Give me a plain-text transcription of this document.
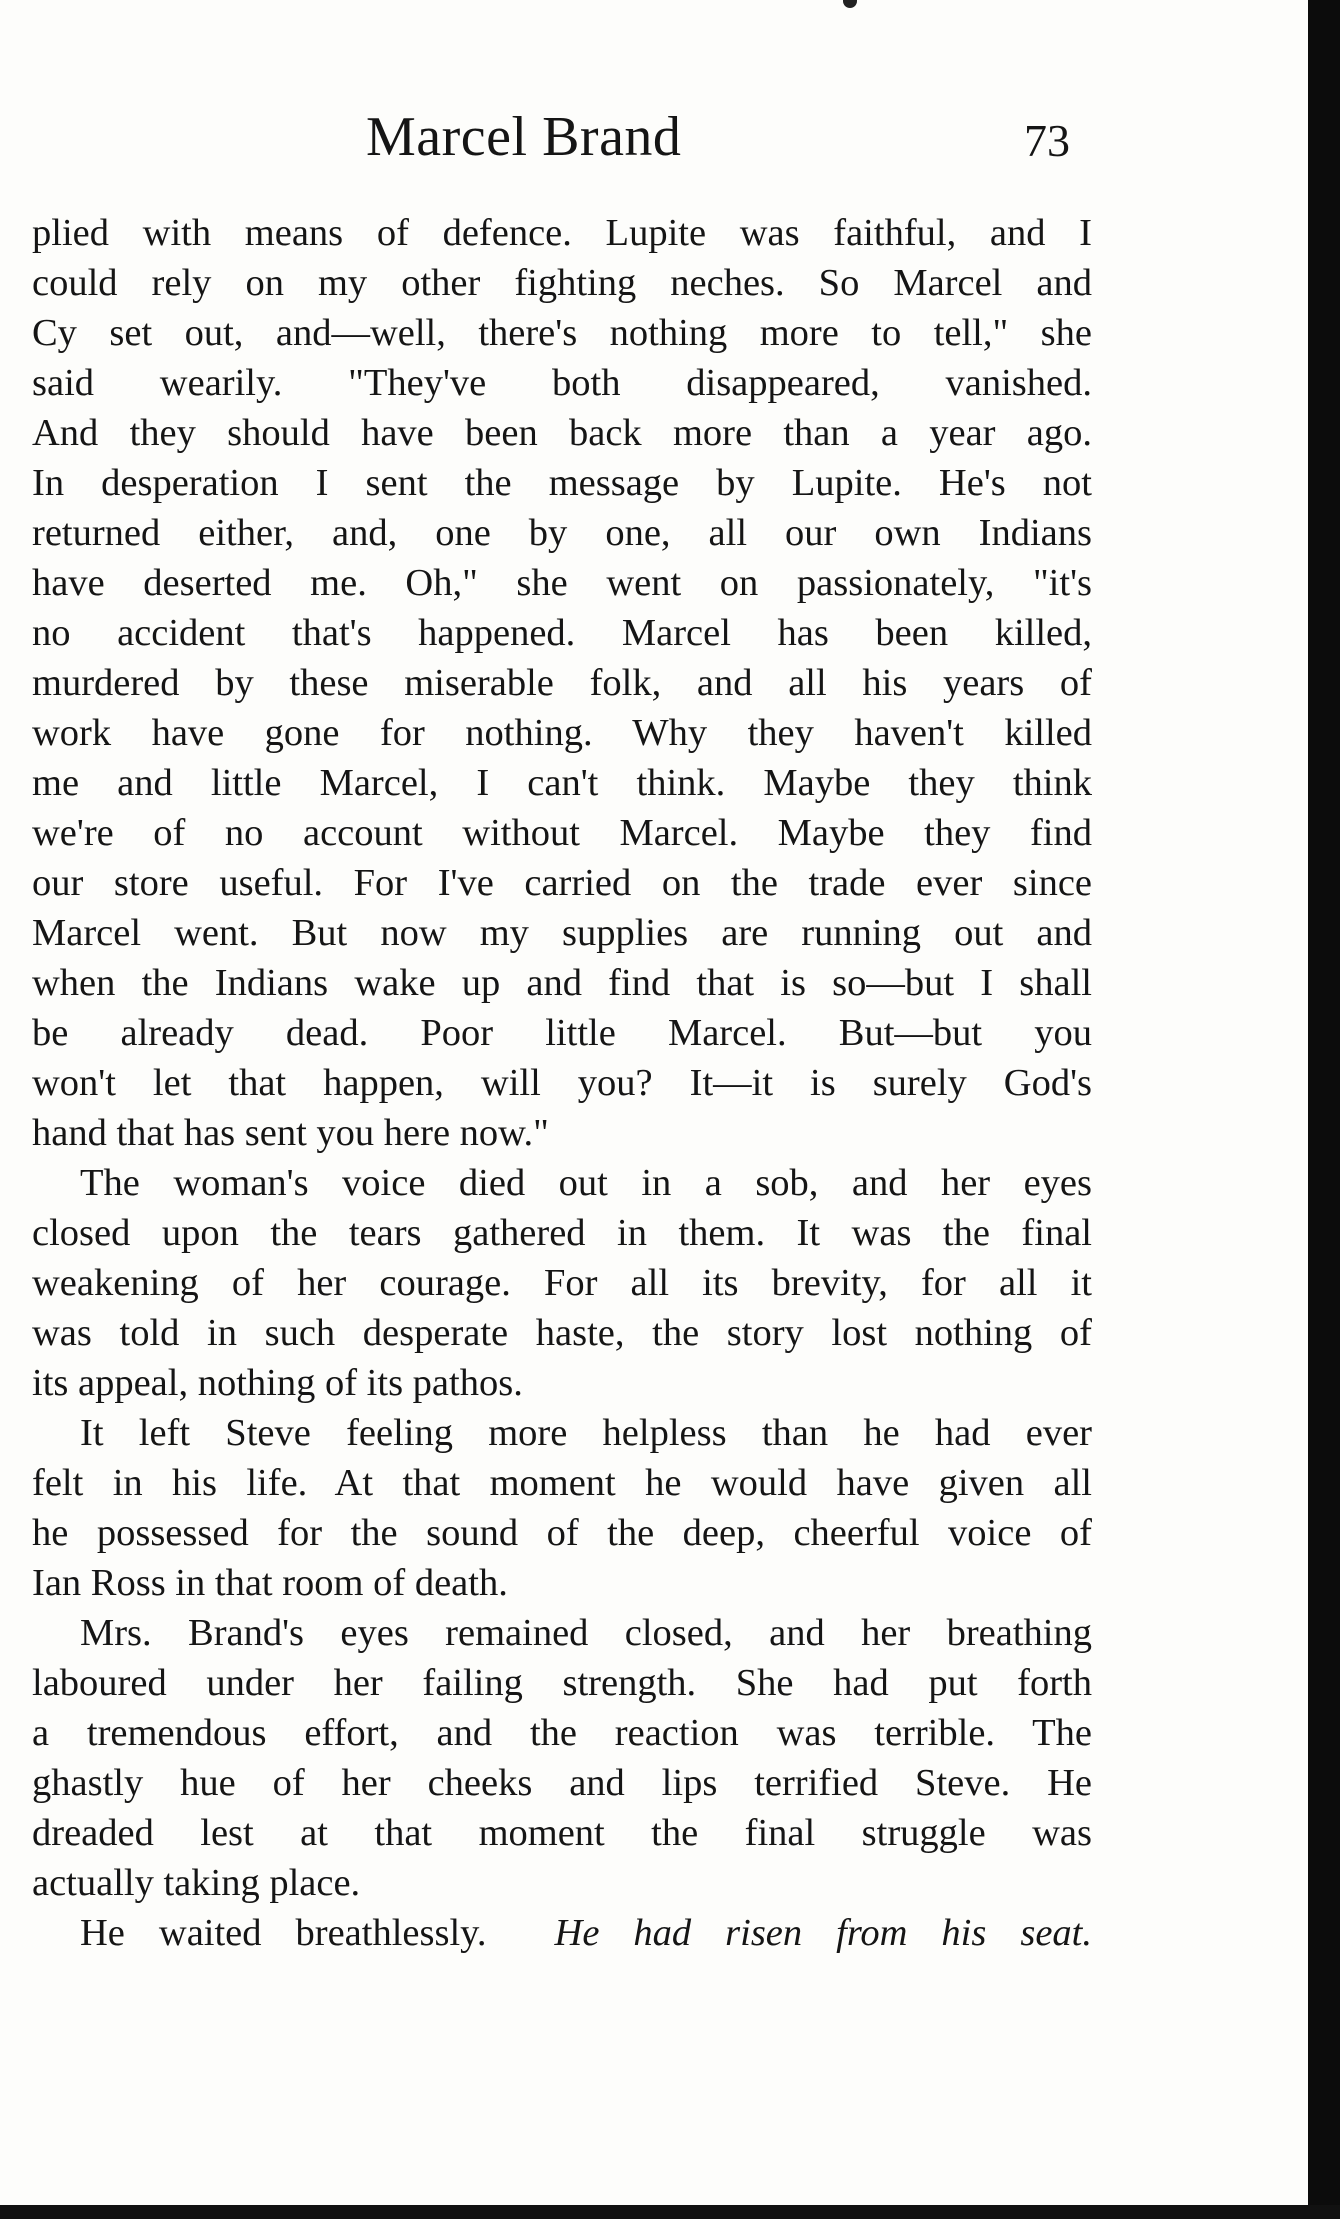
Marcel Brand	73
plied with means of defence. Lupite was faithful, and I
could rely on my other fighting neches. So Marcel and
Cy set out, and—well, there's nothing more to tell," she
said wearily. "They've both disappeared, vanished.
And they should have been back more than a year ago.
In desperation I sent the message by Lupite. He's not
returned either, and, one by one, all our own Indians
have deserted me. Oh," she went on passionately, "it's
no accident that's happened. Marcel has been killed,
murdered by these miserable folk, and all his years of
work have gone for nothing. Why they haven't killed
me and little Marcel, I can't think. Maybe they think
we're of no account without Marcel. Maybe they find
our store useful. For I've carried on the trade ever since
Marcel went. But now my supplies are running out and
when the Indians wake up and find that is so—but I shall
be already dead. Poor little Marcel. But—but you
won't let that happen, will you? It—it is surely God's
hand that has sent you here now."
The woman's voice died out in a sob, and her eyes
closed upon the tears gathered in them. It was the final
weakening of her courage. For all its brevity, for all it
was told in such desperate haste, the story lost nothing of
its appeal, nothing of its pathos.
It left Steve feeling more helpless than he had ever
felt in his life. At that moment he would have given all
he possessed for the sound of the deep, cheerful voice of
Ian Ross in that room of death.
Mrs. Brand's eyes remained closed, and her breathing
laboured under her failing strength. She had put forth
a tremendous effort, and the reaction was terrible. The
ghastly hue of her cheeks and lips terrified Steve. He
dreaded lest at that moment the final struggle was
actually taking place.
He waited breathlessly. He had risen from his seat.
